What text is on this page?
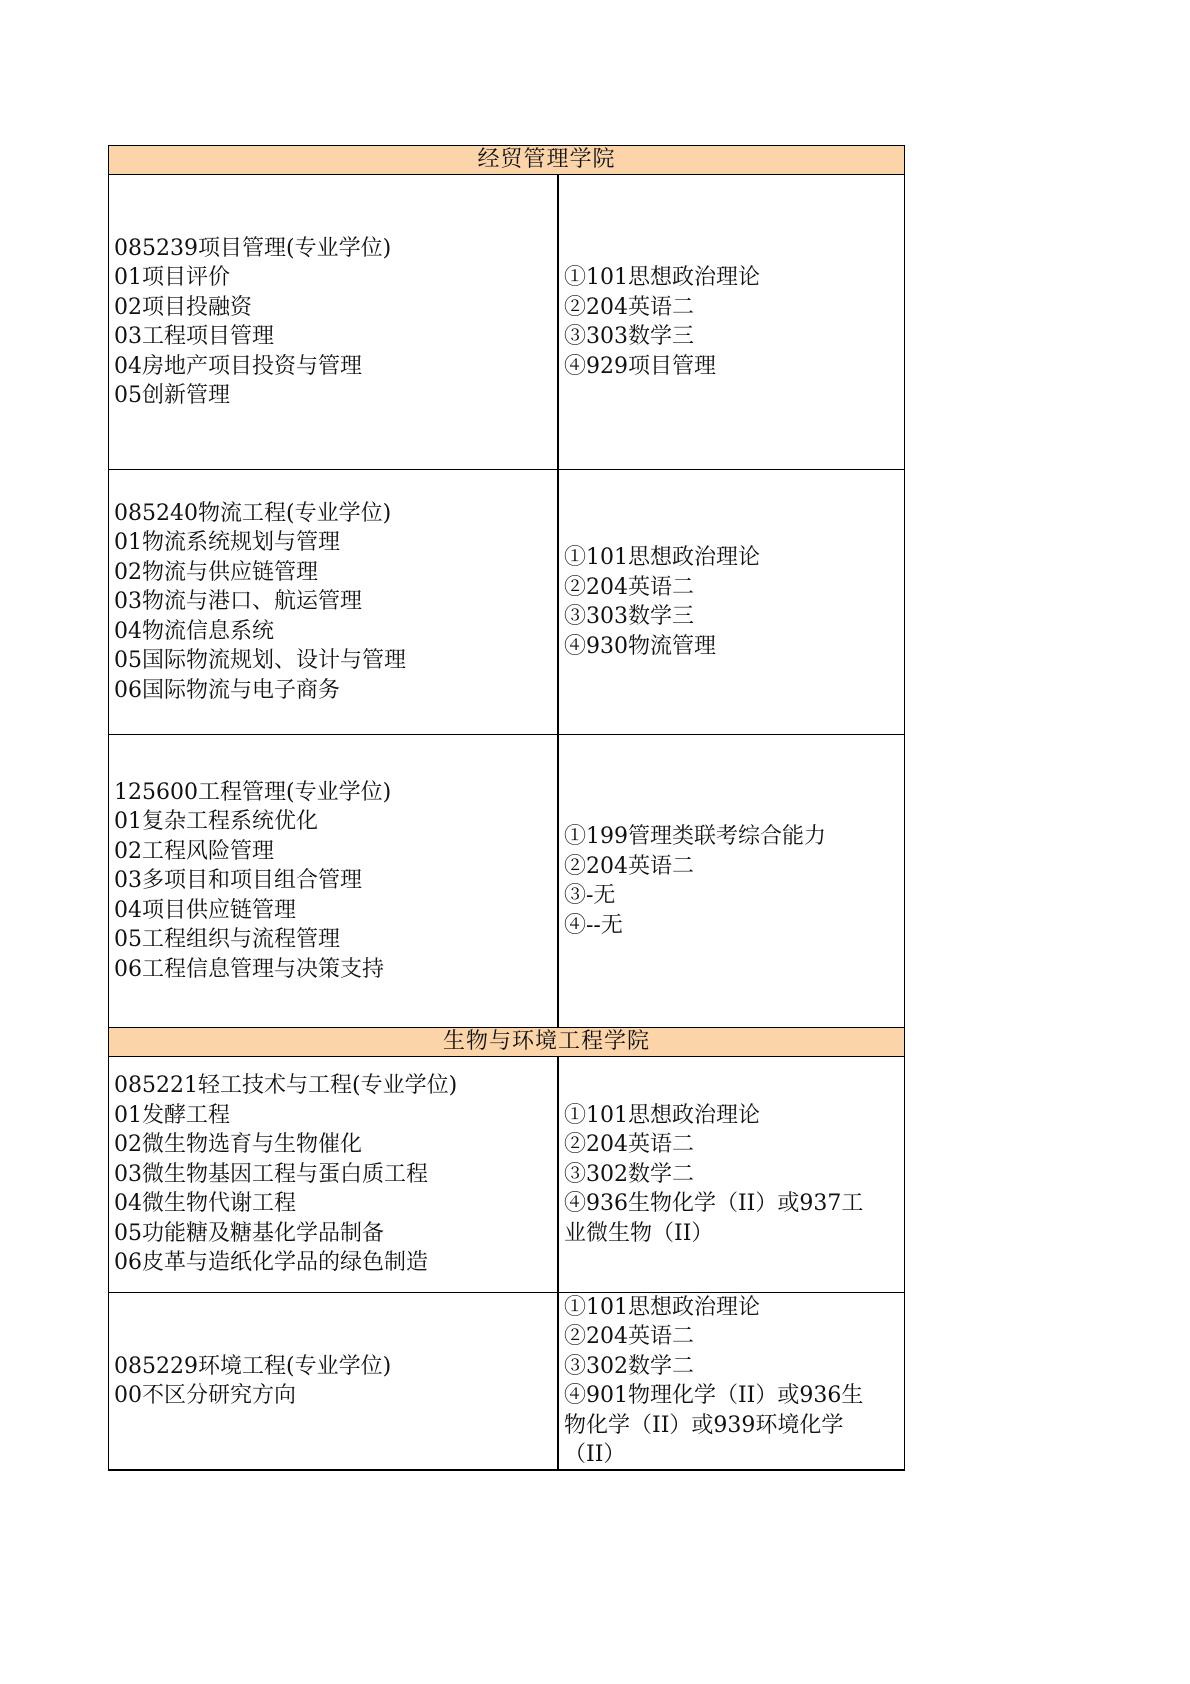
经贸管理学院
085239项目管理(专业学位)
01项目评价
02项目投融资
03工程项目管理
04房地产项目投资与管理
05创新管理
①101思想政治理论
②204英语二
③303数学三
④929项目管理
085240物流工程(专业学位)
01物流系统规划与管理
02物流与供应链管理
03物流与港口、航运管理
04物流信息系统
05国际物流规划、设计与管理
06国际物流与电子商务
①101思想政治理论
②204英语二
③303数学三
④930物流管理
125600工程管理(专业学位)
01复杂工程系统优化
02工程风险管理
03多项目和项目组合管理
04项目供应链管理
05工程组织与流程管理
06工程信息管理与决策支持
①199管理类联考综合能力
②204英语二
③-无
④--无
生物与环境工程学院
085221轻工技术与工程(专业学位)
01发酵工程
02微生物选育与生物催化
03微生物基因工程与蛋白质工程
04微生物代谢工程
05功能糖及糖基化学品制备
06皮革与造纸化学品的绿色制造
①101思想政治理论
②204英语二
③302数学二
④936生物化学（II）或937工
业微生物（II）
085229环境工程(专业学位)
00不区分研究方向
①101思想政治理论
②204英语二
③302数学二
④901物理化学（II）或936生
物化学（II）或939环境化学
（II）
